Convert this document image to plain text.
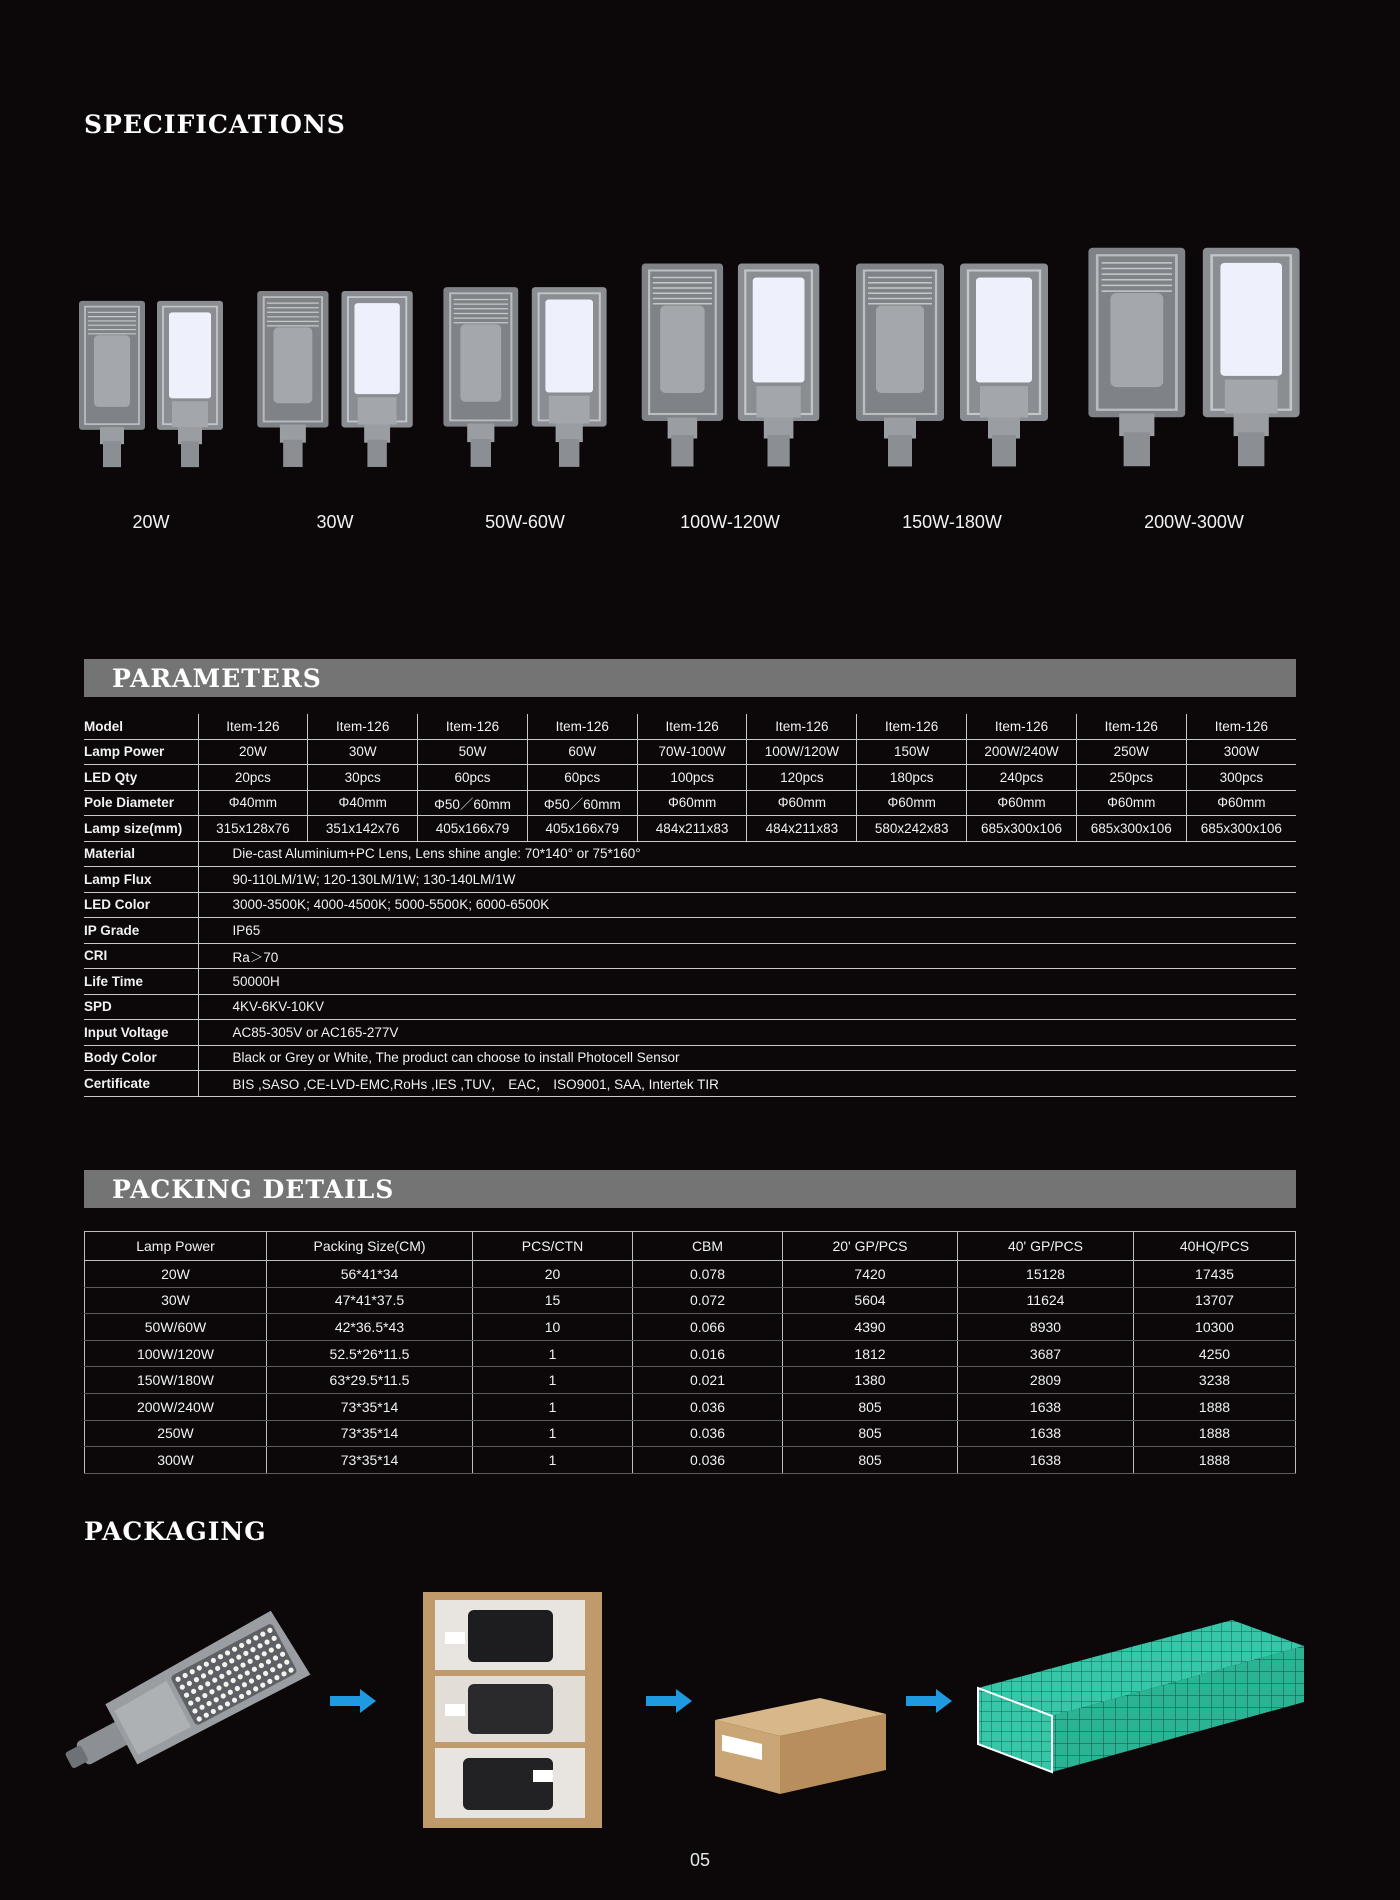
SPECIFICATIONS
20W	30W	50W-60W	100W-120W	150W-180W	200W-300W
PARAMETERS
Model	Item-126	Item-126	Item-126	Item-126	Item-126	Item-126	Item-126	Item-126	Item-126	Item-126
Lamp Power	20W	30W	50W	60W	70W-100W	100W/120W	150W	200W/240W	250W	300W
LED Qty	20pcs	30pcs	60pcs	60pcs	100pcs	120pcs	180pcs	240pcs	250pcs	300pcs
Pole Diameter	Φ40mm	Φ40mm	Φ50／60mm	Φ50／60mm	Φ60mm	Φ60mm	Φ60mm	Φ60mm	Φ60mm	Φ60mm
Lamp size(mm)	315x128x76	351x142x76	405x166x79	405x166x79	484x211x83	484x211x83	580x242x83	685x300x106	685x300x106	685x300x106
Material	Die-cast Aluminium+PC Lens, Lens shine angle: 70*140° or 75*160°									
Lamp Flux	90-110LM/1W; 120-130LM/1W; 130-140LM/1W									
LED Color	3000-3500K; 4000-4500K; 5000-5500K; 6000-6500K									
IP Grade	IP65									
CRI	Ra＞70									
Life Time	50000H									
SPD	4KV-6KV-10KV									
Input Voltage	AC85-305V or AC165-277V									
Body Color	Black or Grey or White, The product can choose to install Photocell Sensor									
Certificate	BIS ,SASO ,CE-LVD-EMC,RoHs ,IES ,TUV， EAC， ISO9001, SAA, Intertek TIR									
PACKING DETAILS
Lamp Power	Packing Size(CM)	PCS/CTN	CBM	20' GP/PCS	40' GP/PCS	40HQ/PCS
20W	56*41*34	20	0.078	7420	15128	17435
30W	47*41*37.5	15	0.072	5604	11624	13707
50W/60W	42*36.5*43	10	0.066	4390	8930	10300
100W/120W	52.5*26*11.5	1	0.016	1812	3687	4250
150W/180W	63*29.5*11.5	1	0.021	1380	2809	3238
200W/240W	73*35*14	1	0.036	805	1638	1888
250W	73*35*14	1	0.036	805	1638	1888
300W	73*35*14	1	0.036	805	1638	1888
PACKAGING
05
